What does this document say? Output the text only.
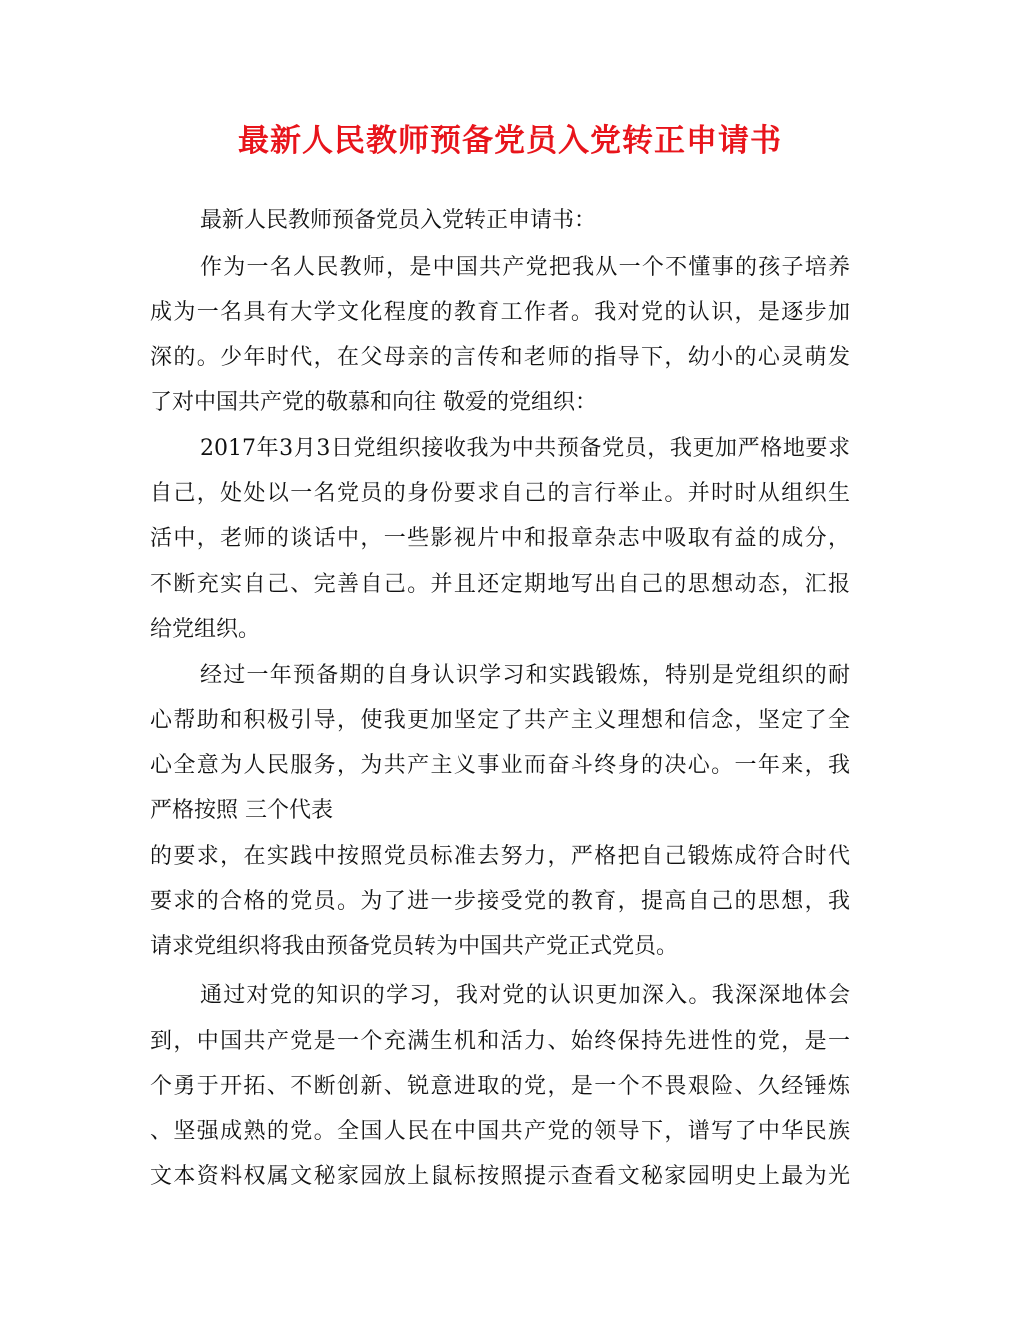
最新人民教师预备党员入党转正申请书
最新人民教师预备党员入党转正申请书：
作为一名人民教师，是中国共产党把我从一个不懂事的孩子培养
成为一名具有大学文化程度的教育工作者。我对党的认识，是逐步加
深的。少年时代，在父母亲的言传和老师的指导下，幼小的心灵萌发
了对中国共产党的敬慕和向往 敬爱的党组织：
2017年3月3日党组织接收我为中共预备党员，我更加严格地要求
自己，处处以一名党员的身份要求自己的言行举止。并时时从组织生
活中，老师的谈话中，一些影视片中和报章杂志中吸取有益的成分，
不断充实自己、完善自己。并且还定期地写出自己的思想动态，汇报
给党组织。
经过一年预备期的自身认识学习和实践锻炼，特别是党组织的耐
心帮助和积极引导，使我更加坚定了共产主义理想和信念，坚定了全
心全意为人民服务，为共产主义事业而奋斗终身的决心。一年来，我
严格按照 三个代表
的要求，在实践中按照党员标准去努力，严格把自己锻炼成符合时代
要求的合格的党员。为了进一步接受党的教育，提高自己的思想，我
请求党组织将我由预备党员转为中国共产党正式党员。
通过对党的知识的学习，我对党的认识更加深入。我深深地体会
到，中国共产党是一个充满生机和活力、始终保持先进性的党，是一
个勇于开拓、不断创新、锐意进取的党，是一个不畏艰险、久经锤炼
、坚强成熟的党。全国人民在中国共产党的领导下，谱写了中华民族
文本资料权属文秘家园放上鼠标按照提示查看文秘家园明史上最为光
